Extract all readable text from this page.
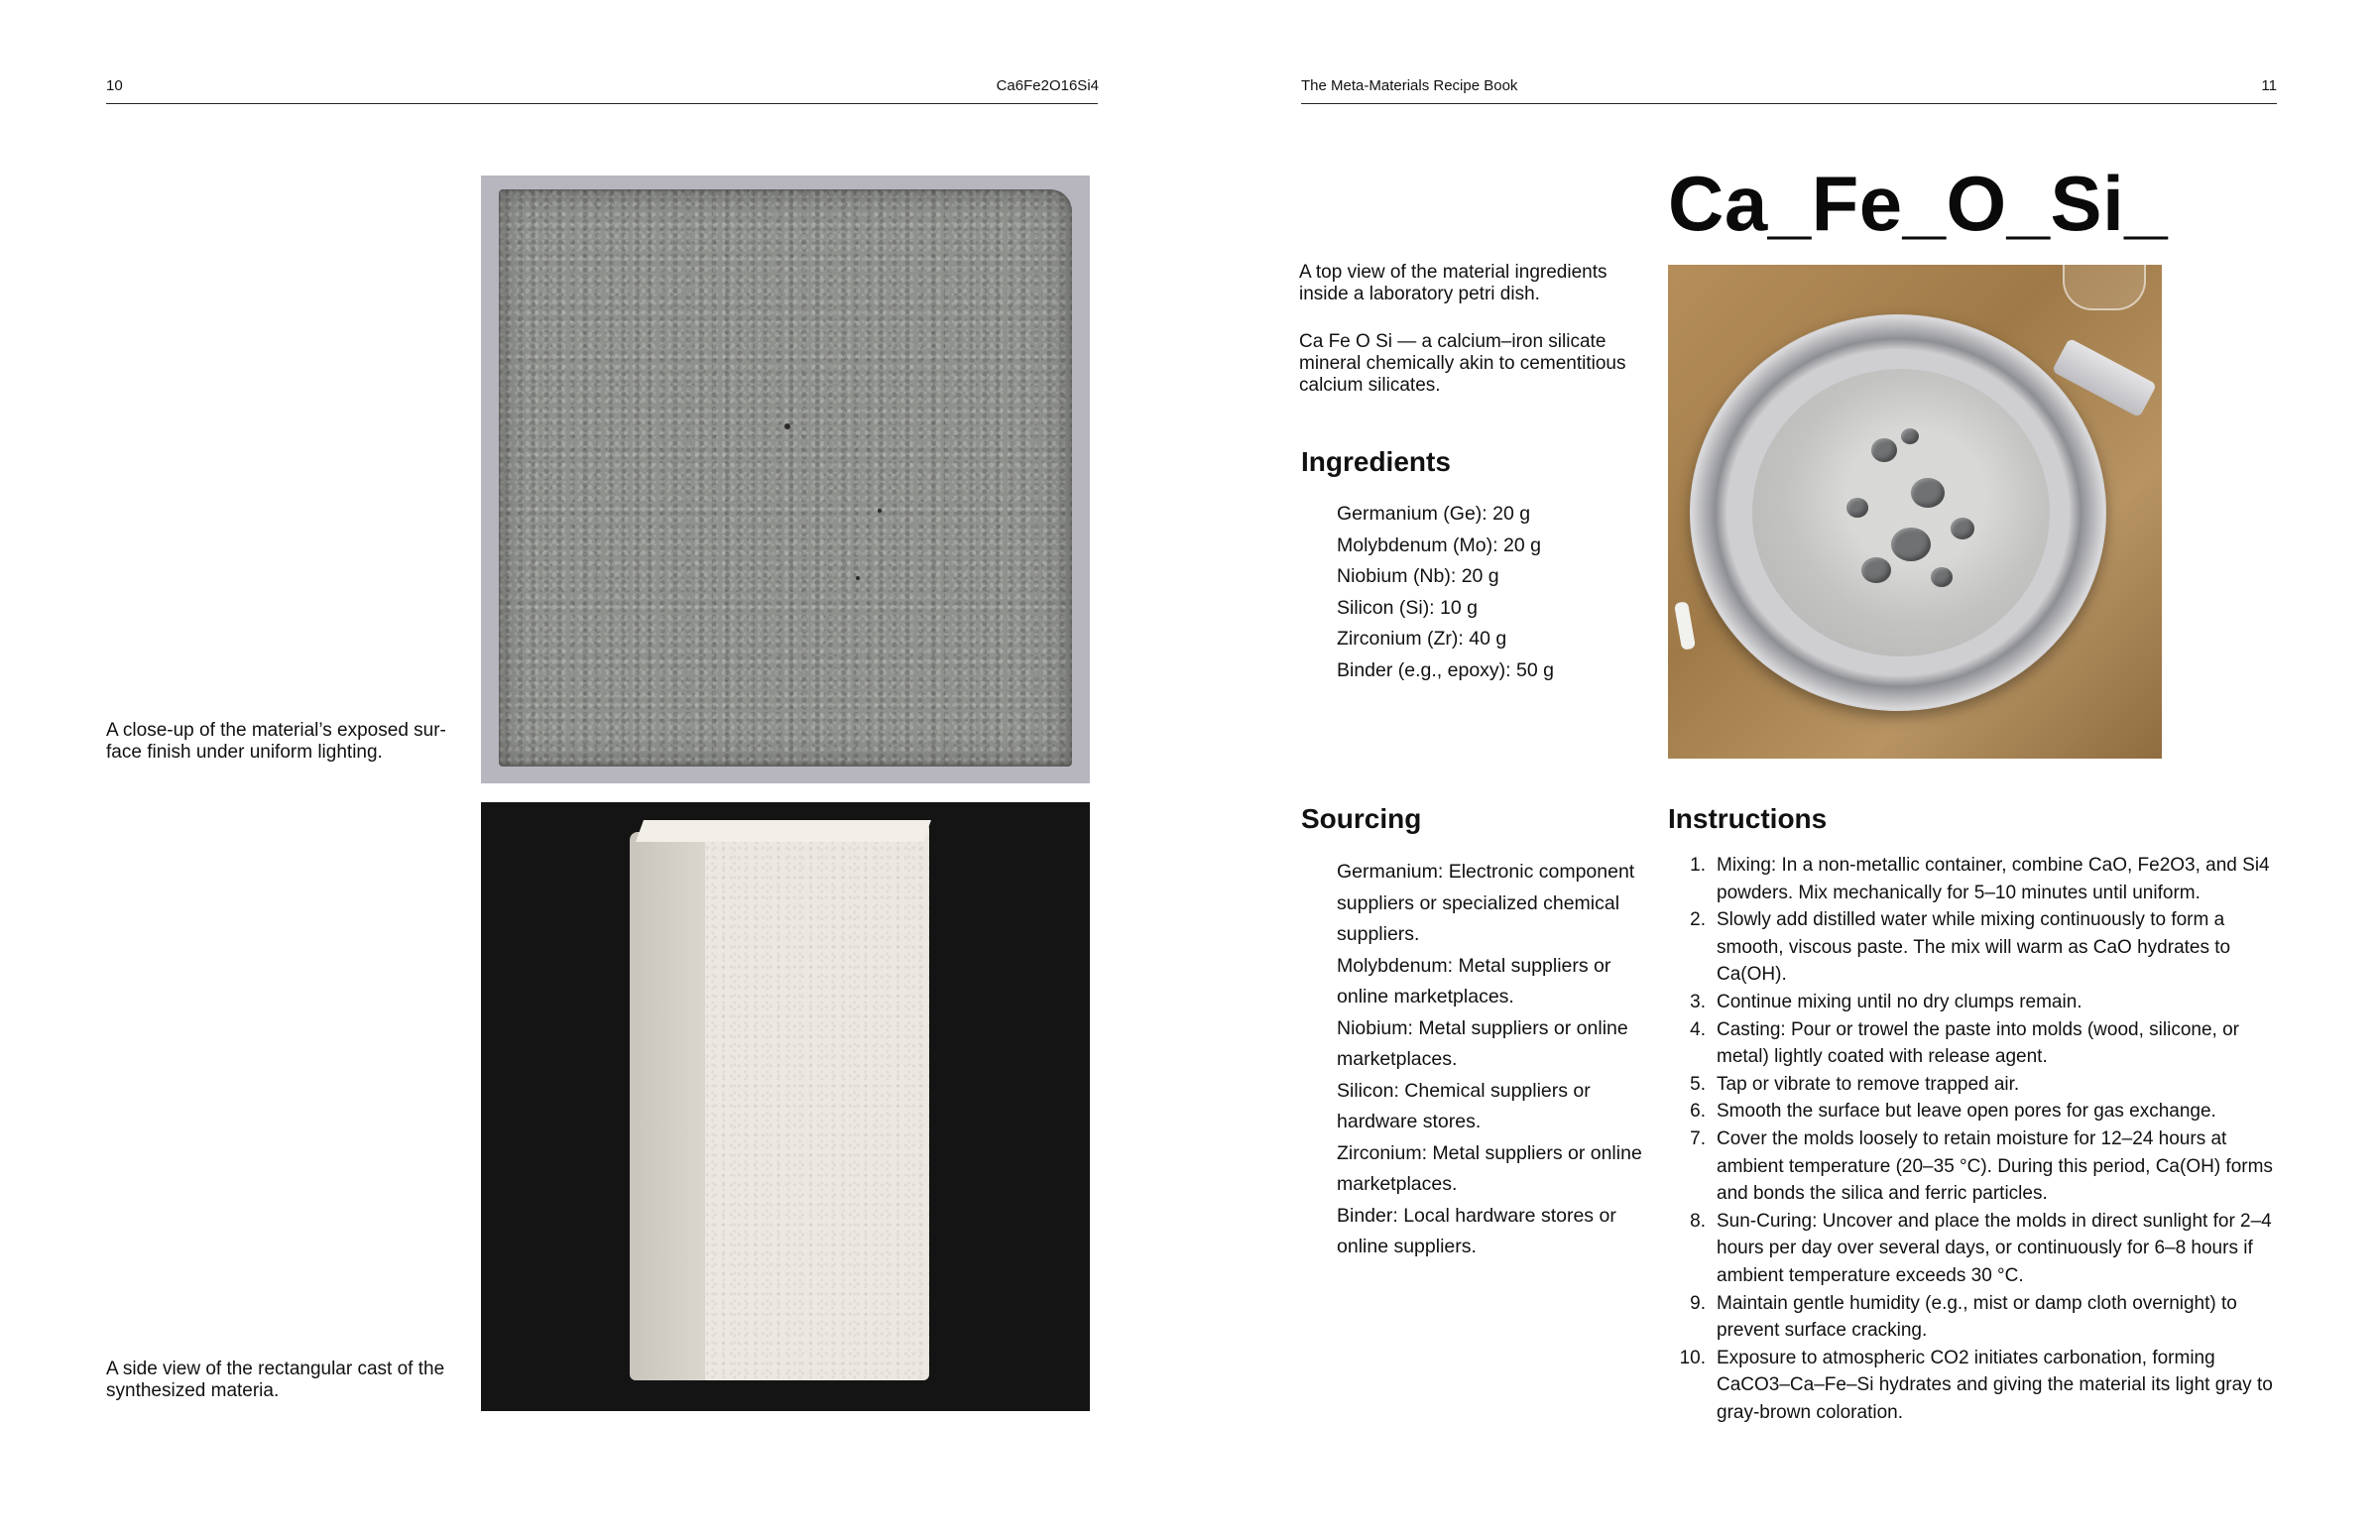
10	Ca6Fe2O16Si4
A close-up of the material’s exposed sur-
face finish under uniform lighting.
A side view of the rectangular cast of the
synthesized materia.
The Meta-Materials Recipe Book	11
Ca_Fe_O_Si_

A top view of the material ingredients
inside a laboratory petri dish.

Ca Fe O Si — a calcium–iron silicate
mineral chemically akin to cementitious
calcium silicates.

Ingredients
Germanium (Ge): 20 g
Molybdenum (Mo): 20 g
Niobium (Nb): 20 g
Silicon (Si): 10 g
Zirconium (Zr): 40 g
Binder (e.g., epoxy): 50 g
Sourcing
Germanium: Electronic component
suppliers or specialized chemical
suppliers.
Molybdenum: Metal suppliers or
online marketplaces.
Niobium: Metal suppliers or online
marketplaces.
Silicon: Chemical suppliers or
hardware stores.
Zirconium: Metal suppliers or online
marketplaces.
Binder: Local hardware stores or
online suppliers.
Instructions
1. Mixing: In a non-metallic container, combine CaO, Fe2O3, and Si4 powders. Mix mechanically for 5–10 minutes until uniform.
2. Slowly add distilled water while mixing continuously to form a smooth, viscous paste. The mix will warm as CaO hydrates to Ca(OH).
3. Continue mixing until no dry clumps remain.
4. Casting: Pour or trowel the paste into molds (wood, silicone, or metal) lightly coated with release agent.
5. Tap or vibrate to remove trapped air.
6. Smooth the surface but leave open pores for gas exchange.
7. Cover the molds loosely to retain moisture for 12–24 hours at ambient temperature (20–35 °C). During this period, Ca(OH) forms and bonds the silica and ferric particles.
8. Sun-Curing: Uncover and place the molds in direct sunlight for 2–4 hours per day over several days, or continuously for 6–8 hours if ambient temperature exceeds 30 °C.
9. Maintain gentle humidity (e.g., mist or damp cloth overnight) to prevent surface cracking.
10. Exposure to atmospheric CO2 initiates carbonation, forming CaCO3–Ca–Fe–Si hydrates and giving the material its light gray to gray-brown coloration.
